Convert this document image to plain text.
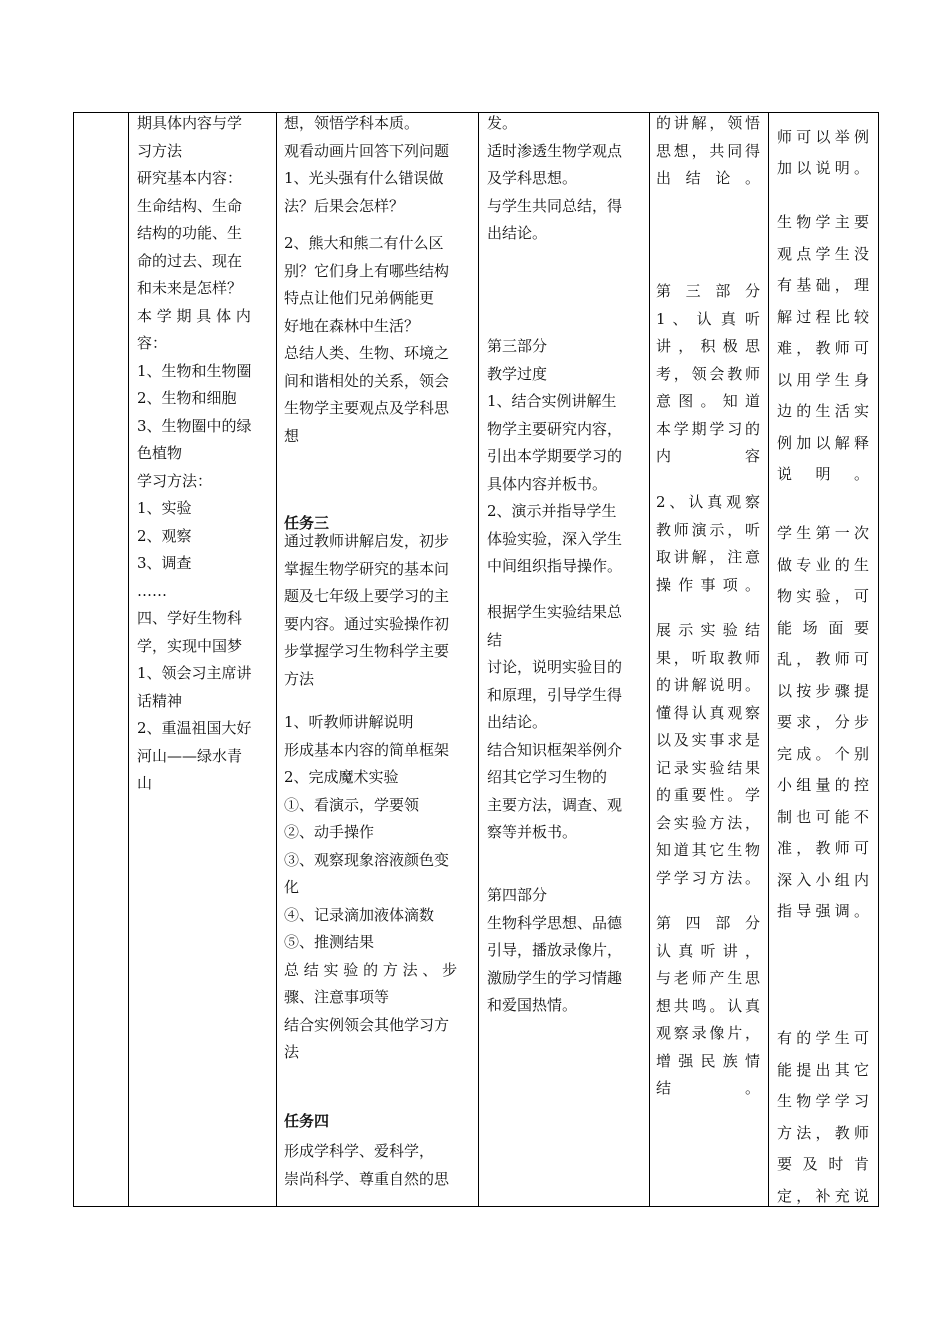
期具体内容与学
习方法
研究基本内容：
生命结构、生命
结构的功能、生
命的过去、现在
和未来是怎样？
本 学 期 具 体 内
容：
1、生物和生物圈
2、生物和细胞
3、生物圈中的绿
色植物
学习方法：
1、实验
2、观察
3、调查
……
四、学好生物科
学，实现中国梦
1、领会习主席讲
话精神
2、重温祖国大好
河山——绿水青
山
想，领悟学科本质。
观看动画片回答下列问题
1、光头强有什么错误做
法？后果会怎样？
2、熊大和熊二有什么区
别？它们身上有哪些结构
特点让他们兄弟俩能更
好地在森林中生活？
总结人类、生物、环境之
间和谐相处的关系，领会
生物学主要观点及学科思
想
任务三
通过教师讲解启发，初步
掌握生物学研究的基本问
题及七年级上要学习的主
要内容。通过实验操作初
步掌握学习生物科学主要
方法
1、听教师讲解说明
形成基本内容的简单框架
2、完成魔术实验
①、看演示，学要领
②、动手操作
③、观察现象溶液颜色变
化
④、记录滴加液体滴数
⑤、推测结果
总 结 实 验 的 方 法 、 步
骤、注意事项等
结合实例领会其他学习方
法
任务四
形成学科学、爱科学，
崇尚科学、尊重自然的思
发。
适时渗透生物学观点
及学科思想。
与学生共同总结，得
出结论。
第三部分
教学过度
1、结合实例讲解生
物学主要研究内容，
引出本学期要学习的
具体内容并板书。
2、演示并指导学生
体验实验，深入学生
中间组织指导操作。
根据学生实验结果总
结
讨论，说明实验目的
和原理，引导学生得
出结论。
结合知识框架举例介
绍其它学习生物的
主要方法，调查、观
察等并板书。
第四部分
生物科学思想、品德
引导，播放录像片，
激励学生的学习情趣
和爱国热情。
的讲解，领悟
思想，共同得
出结论。
第三部分
1 、 认 真 听
讲 ， 积 极 思
考，领会教师
意 图 。 知 道
本学期学习的
内容
2、认真观察
教师演示，听
取讲解，注意
操作事项。
展 示 实 验 结
果，听取教师
的讲解说明。
懂得认真观察
以及实事求是
记录实验结果
的重要性。学
会实验方法，
知道其它生物
学学习方法。
第四部分
认 真 听 讲 ，
与老师产生思
想共鸣。认真
观察录像片，
增 强 民 族 情
结。
师可以举例
加以说明。
生物学主要
观点学生没
有基础，理
解过程比较
难，教师可
以用学生身
边的生活实
例加以解释
说明。
学生第一次
做专业的生
物实验，可
能 场 面 要
乱，教师可
以按步骤提
要求，分步
完成。个别
小组量的控
制也可能不
准，教师可
深入小组内
指导强调。
有的学生可
能提出其它
生物学学习
方法，教师
要 及 时 肯
定，补充说
